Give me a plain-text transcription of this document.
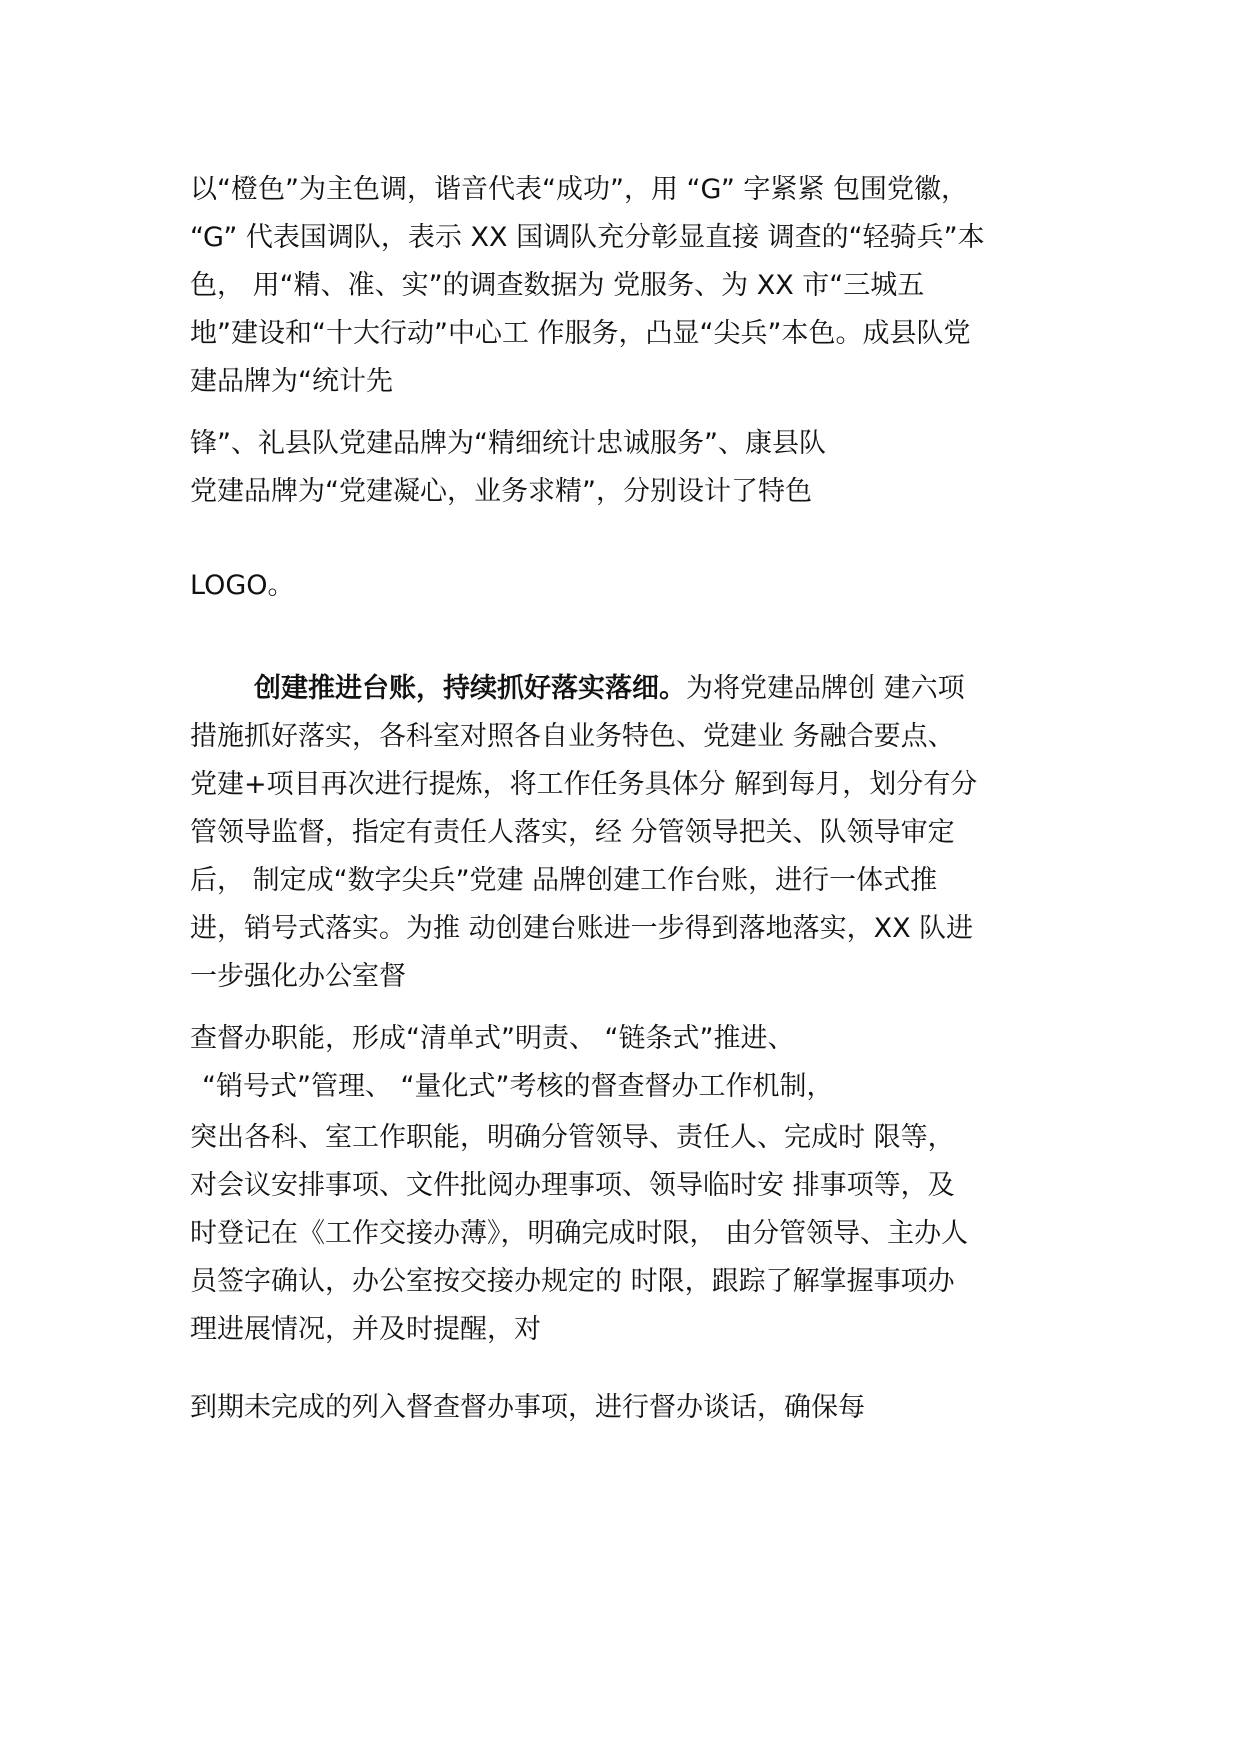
以“橙色”为主色调，谐音代表“成功”，用 “G” 字紧紧 包围党徽，
“G” 代表国调队，表示 XX 国调队充分彰显直接 调查的“轻骑兵”本
色， 用“精、准、实”的调查数据为 党服务、为 XX 市“三城五
地”建设和“十大行动”中心工 作服务，凸显“尖兵”本色。成县队党
建品牌为“统计先
锋”、礼县队党建品牌为“精细统计忠诚服务”、康县队
党建品牌为“党建凝心，业务求精”，分别设计了特色
LOGO。
创建推进台账，持续抓好落实落细。为将党建品牌创 建六项
措施抓好落实，各科室对照各自业务特色、党建业 务融合要点、
党建+项目再次进行提炼，将工作任务具体分 解到每月，划分有分
管领导监督，指定有责任人落实，经 分管领导把关、队领导审定
后， 制定成“数字尖兵”党建 品牌创建工作台账，进行一体式推
进，销号式落实。为推 动创建台账进一步得到落地落实，XX 队进
一步强化办公室督
查督办职能，形成“清单式”明责、 “链条式”推进、
“销号式”管理、 “量化式”考核的督查督办工作机制，
突出各科、室工作职能，明确分管领导、责任人、完成时 限等，
对会议安排事项、文件批阅办理事项、领导临时安 排事项等，及
时登记在《工作交接办薄》，明确完成时限， 由分管领导、主办人
员签字确认，办公室按交接办规定的 时限，跟踪了解掌握事项办
理进展情况，并及时提醒，对
到期未完成的列入督查督办事项，进行督办谈话，确保每
